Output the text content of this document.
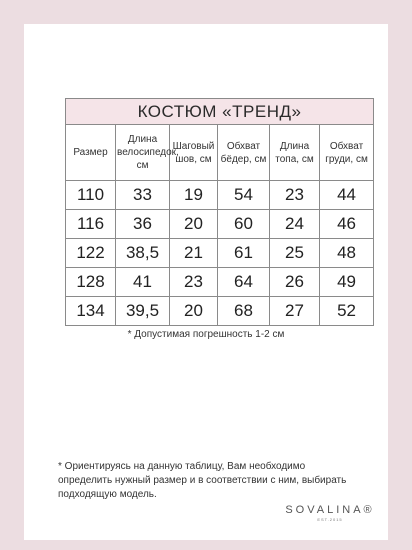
КОСТЮМ «ТРЕНД»					
Размер	Длина велосипедок, см	Шаговый шов, см	Обхват бёдер, см	Длина топа, см	Обхват груди, см
110	33	19	54	23	44
116	36	20	60	24	46
122	38,5	21	61	25	48
128	41	23	64	26	49
134	39,5	20	68	27	52

* Допустимая погрешность 1-2 см

* Ориентируясь на данную таблицу, Вам необходимо определить нужный размер и в соответствии с ним, выбирать подходящую модель.

SOVALINA®
EST.2015
